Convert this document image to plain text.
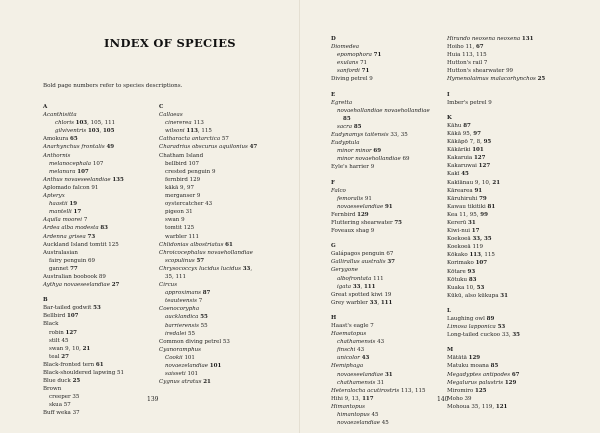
INDEX OF SPECIES
Bold page numbers refer to species descriptions.
A
Acanthisitta
chloris 103, 105, 111
gilviventris 103, 105
Amokura 65
Anarhynchus frontalis 49
Anthornis
melanocephala 107
melanura 107
Anthus novaeseelandiae 135
Aplomado falcon 91
Apteryx
haastii 19
mantelli 17
Aquila moorei 7
Ardea alba modesta 83
Ardenna grisea 73
Auckland Island tomtit 125
Australasian
fairy penguin 69
gannet 77
Australian boobook 89
Aythya novaeseelandiae 27
B
Bar-tailed godwit 53
Bellbird 107
Black
robin 127
stilt 45
swan 9, 10, 21
teal 27
Black-fronted tern 61
Black-shouldered lapwing 51
Blue duck 25
Brown
creeper 35
skua 57
Buff weka 37
C
Callaeas
cinererea 113
wilsoni 113, 115
Catharacta antarctica 57
Charadrius obscurus aquilonius 47
Chatham Island
bellbird 107
crested penguin 9
fernbird 129
kākā 9, 97
merganser 9
oystercatcher 43
pigeon 31
swan 9
tomtit 125
warbler 111
Chlidonias albostriatus 61
Chroicocephalus novaehollandiae
scopulinus 57
Chrysococcyx lucidus lucidus 33,
35, 111
Circus
approximans 87
teauteensis 7
Coenocorypha
aucklandica 55
barrierensis 55
iredalei 55
Common diving petrel 53
Cyanoramphus
Cookii 101
novaezelandiae 101
saisseti 101
Cygnus atratus 21
139
D
Diomedea
epomophora 71
exulans 71
sanfordi 71
Diving petrel 9
E
Egretta
novaehollandiae novaehollandiae
85
sacra 85
Eudynamys taitensis 33, 35
Eudyptula
minor minor 69
minor novaehollandiae 69
Eyle's harrier 9
F
Falco
femoralis 91
novaeseelandiae 91
Fernbird 129
Fluttering shearwater 75
Foveaux shag 9
G
Galápagos penguin 67
Gallirallus australis 37
Gerygone
albofrontata 111
igata 33, 111
Great spotted kiwi 19
Grey warbler 33, 111
H
Haast's eagle 7
Haematopus
chathamensis 43
finschi 43
unicolor 43
Hemiphaga
novaeseelandiae 31
chathamensis 31
Heteralocha acutirostris 113, 115
Hihi 9, 13, 117
Himantopus
himantopus 45
novaezelandiae 45
Hirundo neoxena neoxena 131
Hoiho 11, 67
Huia 113, 115
Hutton's rail 7
Hutton's shearwater 99
Hymenolaimus malacorhynchos 25
I
Imber's petrel 9
K
Kāhu 87
Kākā 95, 97
Kākāpō 7, 8, 95
Kākāriki 101
Kakaruia 127
Kakaruwai 127
Kakī 45
Kakīānau 9, 10, 21
Kārearea 91
Kāruhiruhi 79
Kawau tikitiki 81
Kea 11, 95, 99
Kererū 31
Kiwi-nui 17
Koekoeā 33, 35
Koekoeā 119
Kōkako 113, 115
Korimako 107
Kōtare 93
Kōtuku 83
Kuaka 10, 53
Kūkū, also kūkupa 31
L
Laughing owl 89
Limosa lapponica 53
Long-tailed cuckoo 33, 35
M
Mātātā 129
Matuku moana 85
Megadyptes antipodes 67
Megalurus palustris 129
Miromiro 125
Moho 39
Mohoua 35, 119, 121
140
